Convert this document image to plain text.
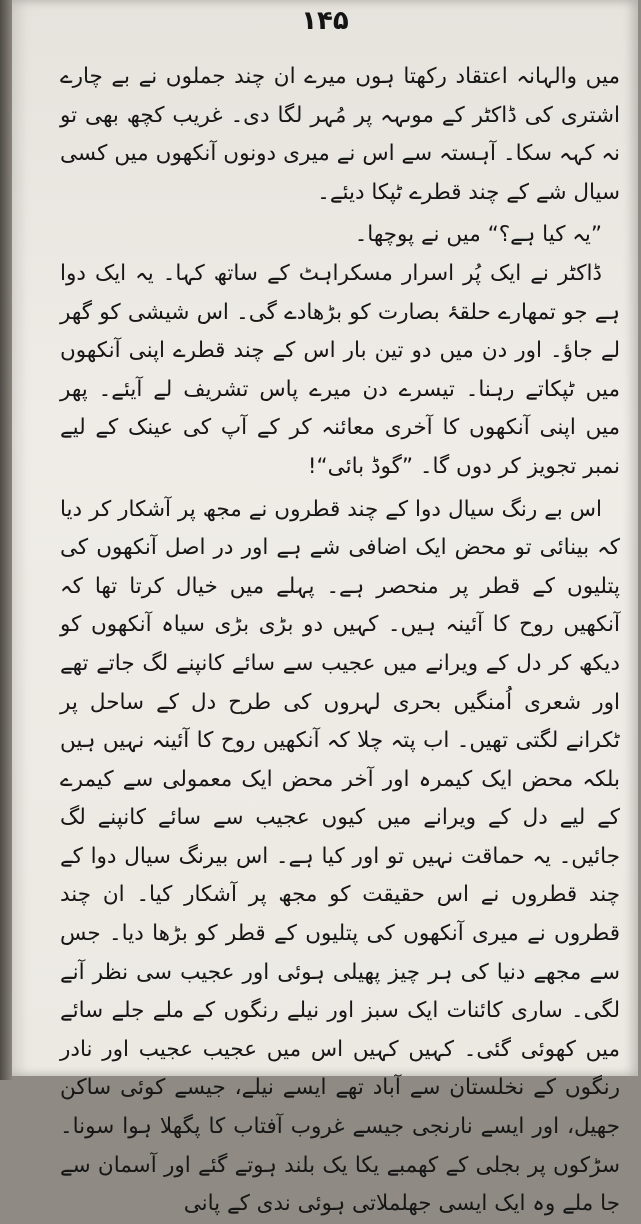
۱۴۵

میں والہانہ اعتقاد رکھتا ہوں میرے ان چند جملوں نے بے چارے اشتری کی ڈاکٹر کے موںہہ پر مُہر لگا دی۔ غریب کچھ بھی تو نہ کہہ سکا۔ آہستہ سے اس نے میری دونوں آنکھوں میں کسی سیال شے کے چند قطرے ٹپکا دیئے۔

”یہ کیا ہے؟“ میں نے پوچھا۔

ڈاکٹر نے ایک پُر اسرار مسکراہٹ کے ساتھ کہا۔ یہ ایک دوا ہے جو تمھارے حلقۂ بصارت کو بڑھادے گی۔ اس شیشی کو گھر لے جاؤ۔ اور دن میں دو تین بار اس کے چند قطرے اپنی آنکھوں میں ٹپکاتے رہنا۔ تیسرے دن میرے پاس تشریف لے آیئے۔ پھر میں اپنی آنکھوں کا آخری معائنہ کر کے آپ کی عینک کے لیے نمبر تجویز کر دوں گا۔ ”گوڈ بائی“!

اس بے رنگ سیال دوا کے چند قطروں نے مجھ پر آشکار کر دیا کہ بینائی تو محض ایک اضافی شے ہے اور در اصل آنکھوں کی پتلیوں کے قطر پر منحصر ہے۔ پہلے میں خیال کرتا تھا کہ آنکھیں روح کا آئینہ ہیں۔ کہیں دو بڑی بڑی سیاہ آنکھوں کو دیکھ کر دل کے ویرانے میں عجیب سے سائے کانپنے لگ جاتے تھے اور شعری اُمنگیں بحری لہروں کی طرح دل کے ساحل پر ٹکرانے لگتی تھیں۔ اب پتہ چلا کہ آنکھیں روح کا آئینہ نہیں ہیں بلکہ محض ایک کیمرہ اور آخر محض ایک معمولی سے کیمرے کے لیے دل کے ویرانے میں کیوں عجیب سے سائے کانپنے لگ جائیں۔ یہ حماقت نہیں تو اور کیا ہے۔ اس بیرنگ سیال دوا کے چند قطروں نے اس حقیقت کو مجھ پر آشکار کیا۔ ان چند قطروں نے میری آنکھوں کی پتلیوں کے قطر کو بڑھا دیا۔ جس سے مجھے دنیا کی ہر چیز پھیلی ہوئی اور عجیب سی نظر آنے لگی۔ ساری کائنات ایک سبز اور نیلے رنگوں کے ملے جلے سائے میں کھوئی گئی۔ کہیں کہیں اس میں عجیب عجیب اور نادر رنگوں کے نخلستان سے آباد تھے ایسے نیلے، جیسے کوئی ساکن جھیل، اور ایسے نارنجی جیسے غروب آفتاب کا پگھلا ہوا سونا۔ سڑکوں پر بجلی کے کھمبے یکا یک بلند ہوتے گئے اور آسمان سے جا ملے وہ ایک ایسی جھلملاتی ہوئی ندی کے پانی
